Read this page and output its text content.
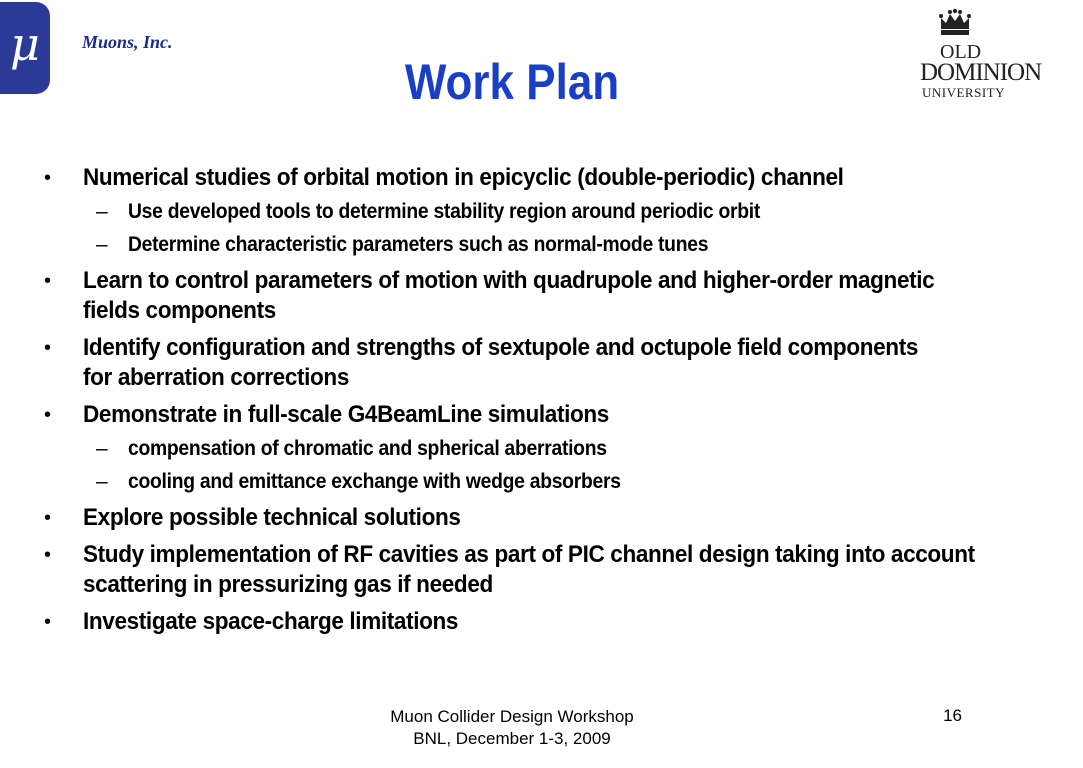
μ Muons, Inc.
Work Plan
OLD
DOMINION
UNIVERSITY
• Numerical studies of orbital motion in epicyclic (double-periodic) channel
– Use developed tools to determine stability region around periodic orbit
– Determine characteristic parameters such as normal-mode tunes
• Learn to control parameters of motion with quadrupole and higher-order magnetic fields components
• Identify configuration and strengths of sextupole and octupole field components for aberration corrections
• Demonstrate in full-scale G4BeamLine simulations
– compensation of chromatic and spherical aberrations
– cooling and emittance exchange with wedge absorbers
• Explore possible technical solutions
• Study implementation of RF cavities as part of PIC channel design taking into account scattering in pressurizing gas if needed
• Investigate space-charge limitations
Muon Collider Design Workshop
BNL, December 1-3, 2009
16
